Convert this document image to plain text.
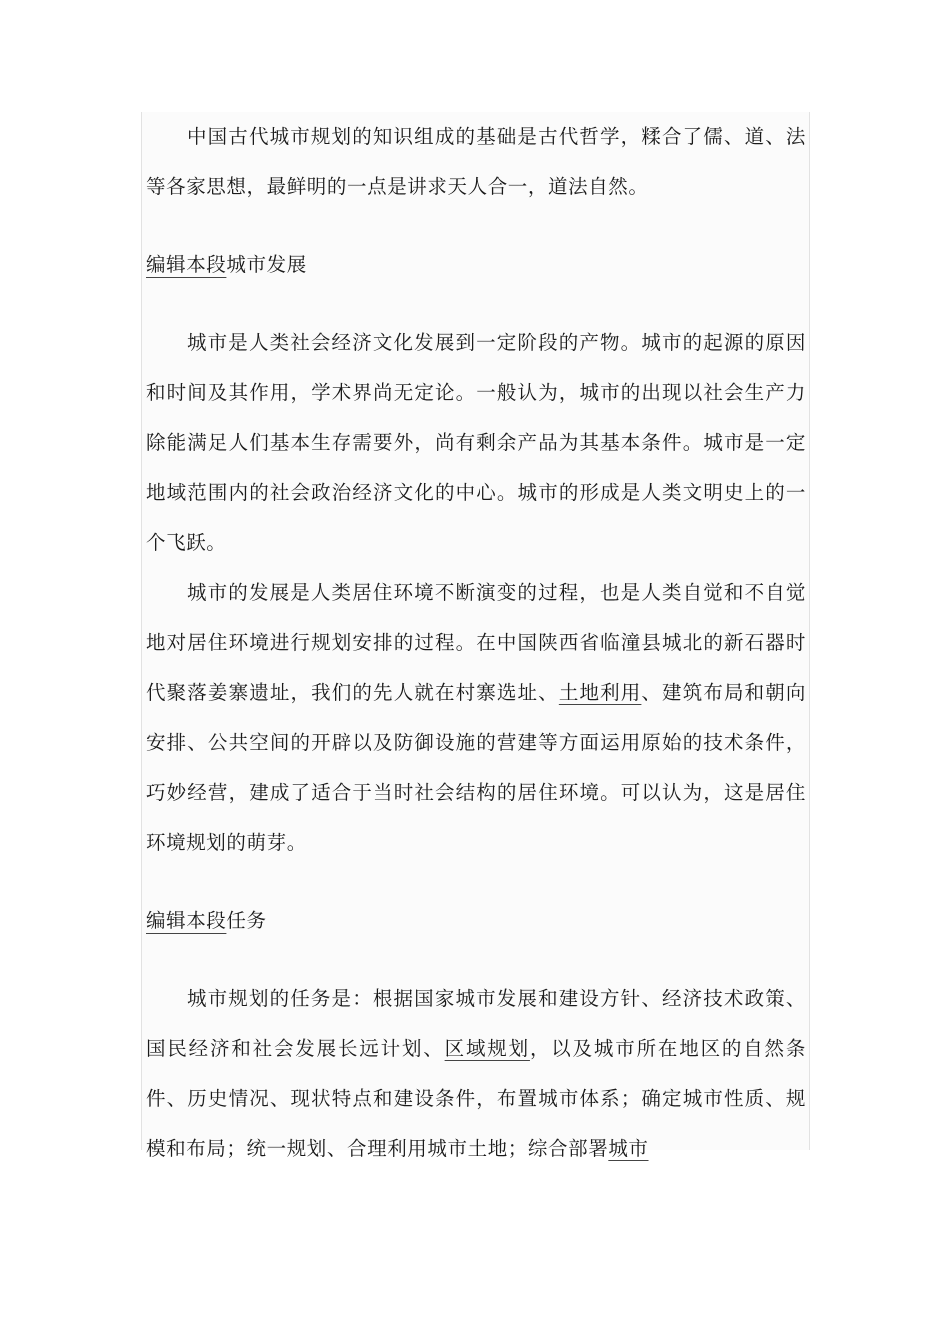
中国古代城市规划的知识组成的基础是古代哲学，糅合了儒、道、法等各家思想，最鲜明的一点是讲求天人合一，道法自然。

编辑本段城市发展

城市是人类社会经济文化发展到一定阶段的产物。城市的起源的原因和时间及其作用，学术界尚无定论。一般认为，城市的出现以社会生产力除能满足人们基本生存需要外，尚有剩余产品为其基本条件。城市是一定地域范围内的社会政治经济文化的中心。城市的形成是人类文明史上的一个飞跃。

城市的发展是人类居住环境不断演变的过程，也是人类自觉和不自觉地对居住环境进行规划安排的过程。在中国陕西省临潼县城北的新石器时代聚落姜寨遗址，我们的先人就在村寨选址、土地利用、建筑布局和朝向安排、公共空间的开辟以及防御设施的营建等方面运用原始的技术条件，巧妙经营，建成了适合于当时社会结构的居住环境。可以认为，这是居住环境规划的萌芽。

编辑本段任务

城市规划的任务是：根据国家城市发展和建设方针、经济技术政策、国民经济和社会发展长远计划、区域规划，以及城市所在地区的自然条件、历史情况、现状特点和建设条件，布置城市体系；确定城市性质、规模和布局；统一规划、合理利用城市土地；综合部署城市
